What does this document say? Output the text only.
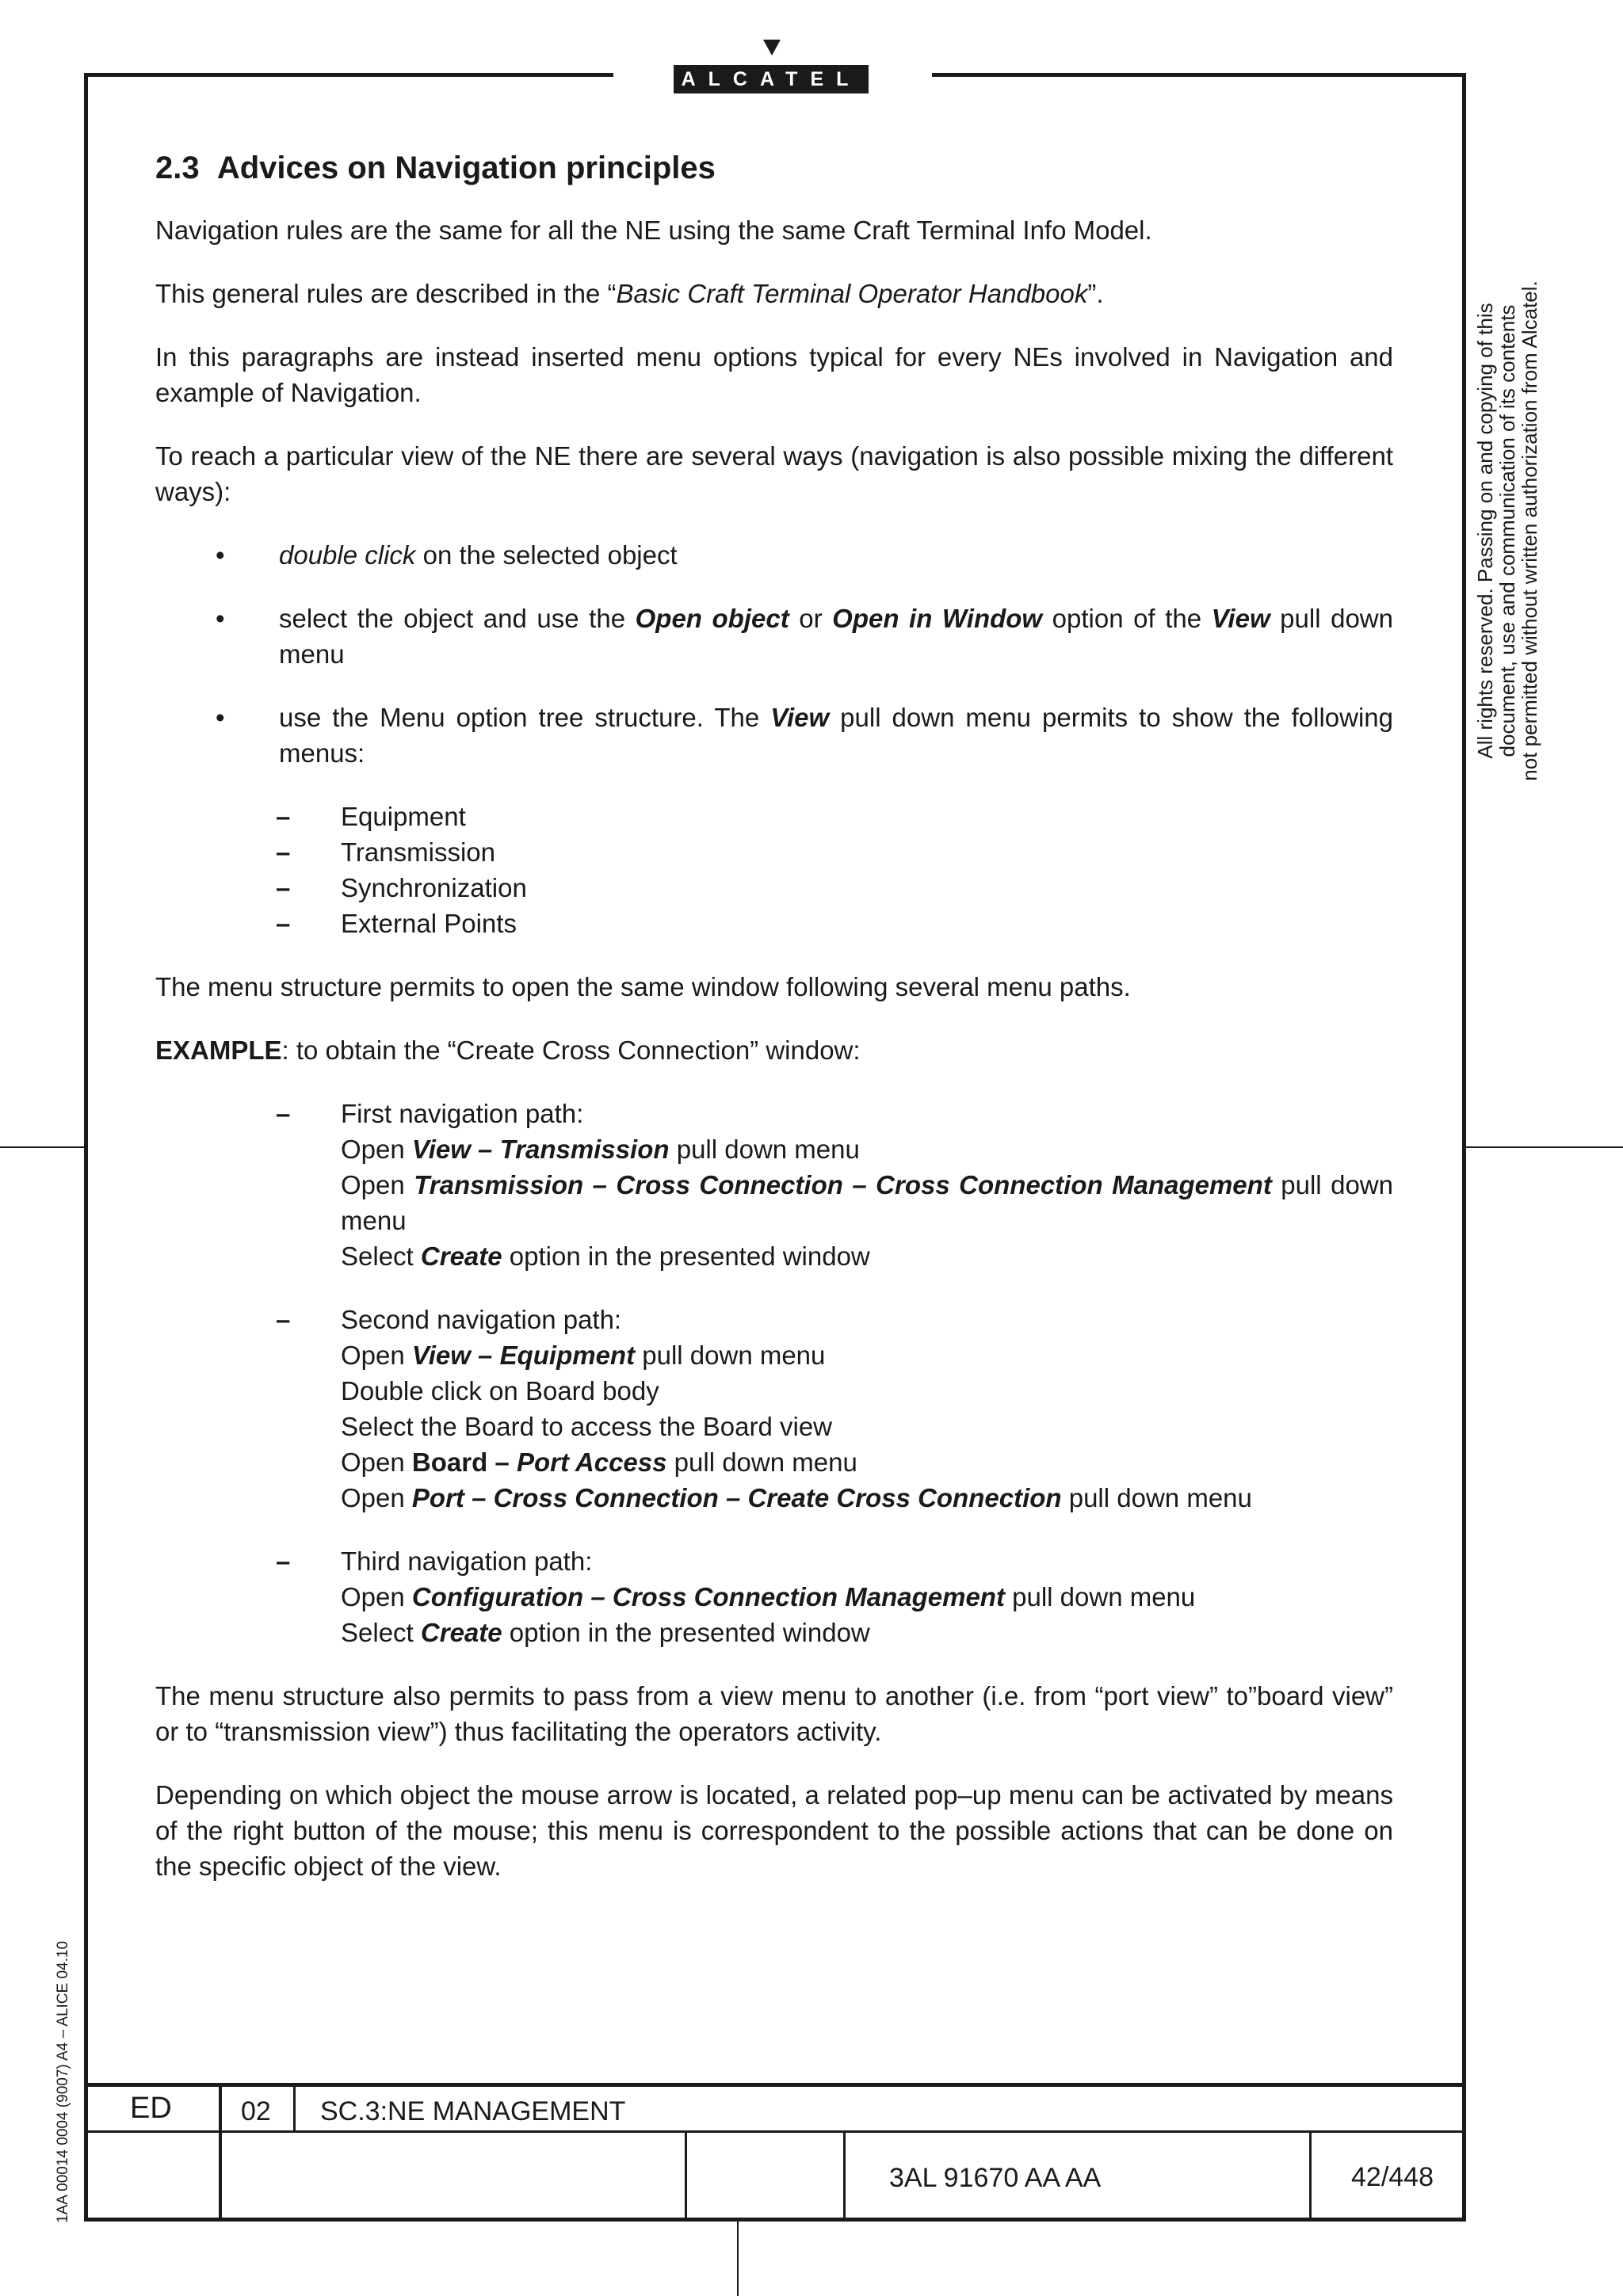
ALCATEL
ED	02 SC.3:NE MANAGEMENT
3AL 91670 AA AA	42/448
All rights reserved. Passing on and copying of this
document, use and communication of its contents
not permitted without written authorization from Alcatel.
1AA 00014 0004 (9007) A4 – ALICE 04.10
2.3 Advices on Navigation principles

Navigation rules are the same for all the NE using the same Craft Terminal Info Model.

This general rules are described in the “Basic Craft Terminal Operator Handbook”.

In this paragraphs are instead inserted menu options typical for every NEs involved in Navigation and example of Navigation.

To reach a particular view of the NE there are several ways (navigation is also possible mixing the different ways):

• double click on the selected object
• select the object and use the Open object or Open in Window option of the View pull down menu
• use the Menu option tree structure. The View pull down menu permits to show the following menus:
– Equipment
– Transmission
– Synchronization
– External Points

The menu structure permits to open the same window following several menu paths.

EXAMPLE: to obtain the “Create Cross Connection” window:

– First navigation path:
Open View – Transmission pull down menu
Open Transmission – Cross Connection – Cross Connection Management pull down menu
Select Create option in the presented window
– Second navigation path:
Open View – Equipment pull down menu
Double click on Board body
Select the Board to access the Board view
Open Board – Port Access pull down menu
Open Port – Cross Connection – Create Cross Connection pull down menu
– Third navigation path:
Open Configuration – Cross Connection Management pull down menu
Select Create option in the presented window

The menu structure also permits to pass from a view menu to another (i.e. from “port view” to”board view” or to “transmission view”) thus facilitating the operators activity.

Depending on which object the mouse arrow is located, a related pop–up menu can be activated by means of the right button of the mouse; this menu is correspondent to the possible actions that can be done on the specific object of the view.
